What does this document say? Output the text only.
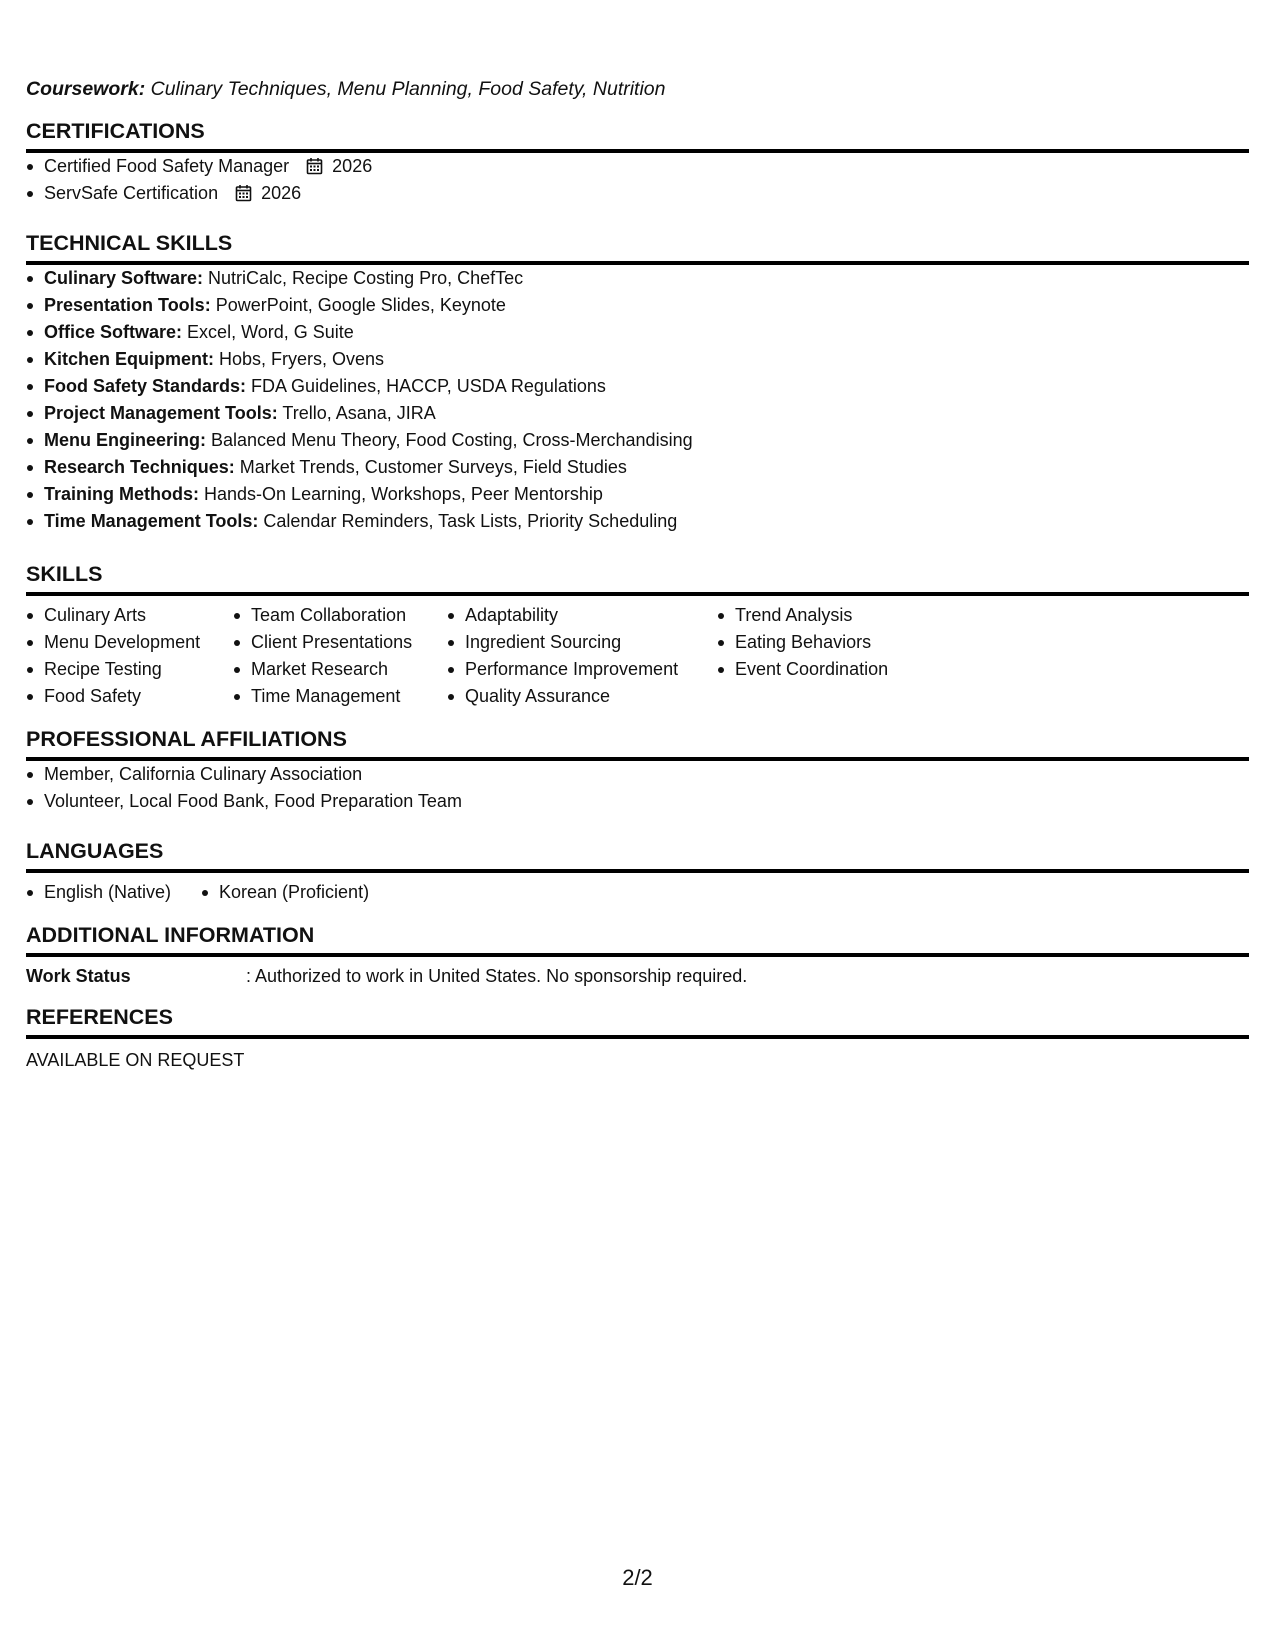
Coursework: Culinary Techniques, Menu Planning, Food Safety, Nutrition
CERTIFICATIONS
Certified Food Safety Manager 2026
ServSafe Certification 2026
TECHNICAL SKILLS
Culinary Software: NutriCalc, Recipe Costing Pro, ChefTec
Presentation Tools: PowerPoint, Google Slides, Keynote
Office Software: Excel, Word, G Suite
Kitchen Equipment: Hobs, Fryers, Ovens
Food Safety Standards: FDA Guidelines, HACCP, USDA Regulations
Project Management Tools: Trello, Asana, JIRA
Menu Engineering: Balanced Menu Theory, Food Costing, Cross-Merchandising
Research Techniques: Market Trends, Customer Surveys, Field Studies
Training Methods: Hands-On Learning, Workshops, Peer Mentorship
Time Management Tools: Calendar Reminders, Task Lists, Priority Scheduling
SKILLS
Culinary Arts
Menu Development
Recipe Testing
Food Safety
Team Collaboration
Client Presentations
Market Research
Time Management
Adaptability
Ingredient Sourcing
Performance Improvement
Quality Assurance
Trend Analysis
Eating Behaviors
Event Coordination
PROFESSIONAL AFFILIATIONS
Member, California Culinary Association
Volunteer, Local Food Bank, Food Preparation Team
LANGUAGES
English (Native)	Korean (Proficient)
ADDITIONAL INFORMATION
Work Status	: Authorized to work in United States. No sponsorship required.
REFERENCES
AVAILABLE ON REQUEST
2/2
